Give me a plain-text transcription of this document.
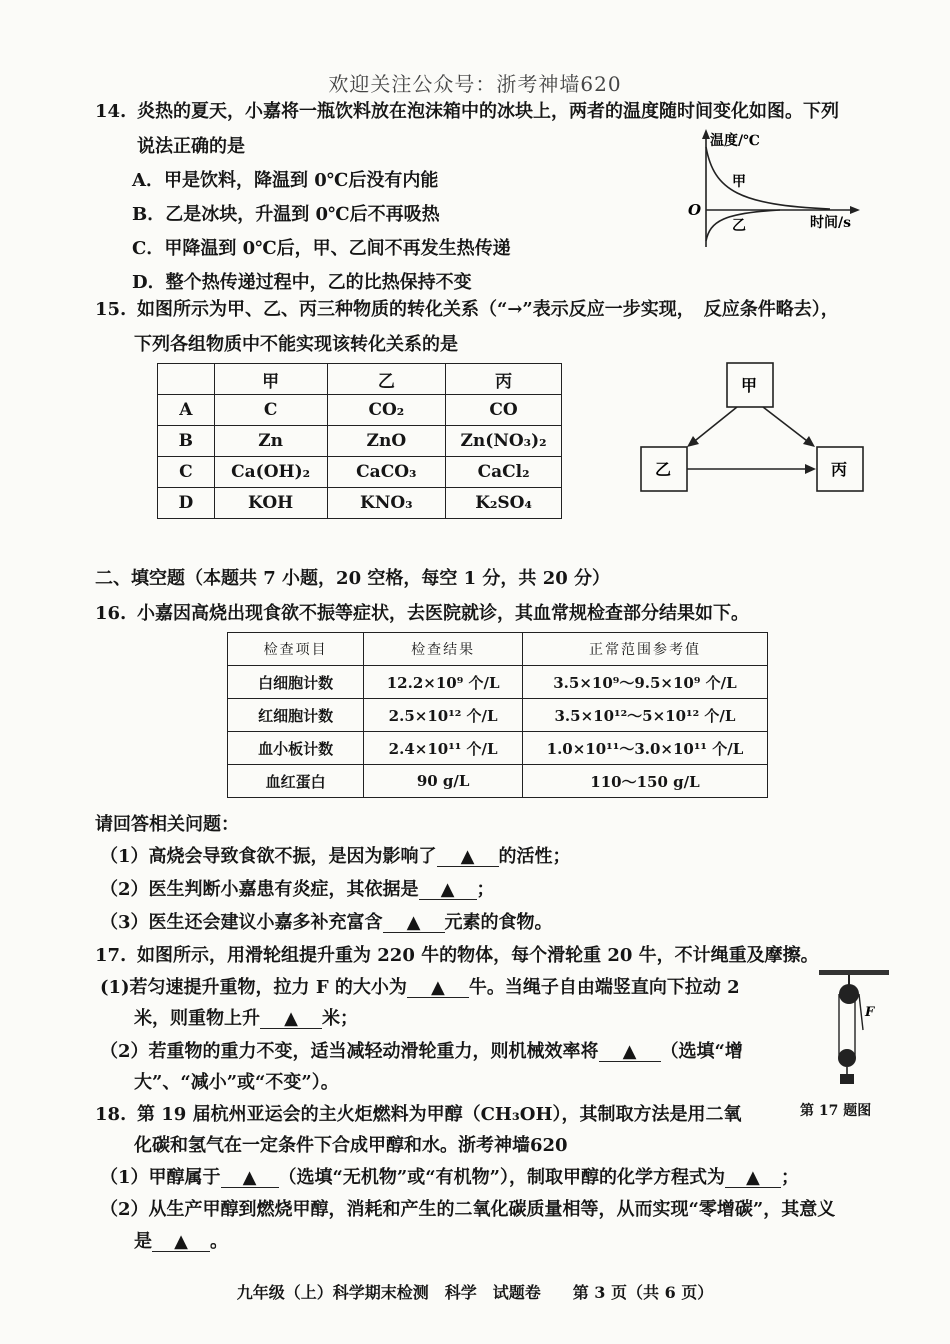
欢迎关注公众号：浙考神墙620
14. 炎热的夏天，小嘉将一瓶饮料放在泡沫箱中的冰块上，两者的温度随时间变化如图。下列
说法正确的是
A．甲是饮料，降温到 0℃后没有内能
B．乙是冰块，升温到 0℃后不再吸热
C．甲降温到 0℃后，甲、乙间不再发生热传递
D．整个热传递过程中，乙的比热保持不变
温度/℃
O
甲
乙	时间/s
15. 如图所示为甲、乙、丙三种物质的转化关系（“→”表示反应一步实现，　反应条件略去），
下列各组物质中不能实现该转化关系的是
	甲	乙	丙
A	C	CO₂	CO
B	Zn	ZnO	Zn(NO₃)₂
C	Ca(OH)₂	CaCO₃	CaCl₂
D	KOH	KNO₃	K₂SO₄
甲
乙	丙
二、填空题（本题共 7 小题，20 空格，每空 1 分，共 20 分）
16. 小嘉因高烧出现食欲不振等症状，去医院就诊，其血常规检查部分结果如下。
检查项目	检查结果	正常范围参考值
白细胞计数	12.2×10⁹ 个/L	3.5×10⁹～9.5×10⁹ 个/L
红细胞计数	2.5×10¹² 个/L	3.5×10¹²～5×10¹² 个/L
血小板计数	2.4×10¹¹ 个/L	1.0×10¹¹～3.0×10¹¹ 个/L
血红蛋白	90 g/L	110～150 g/L
请回答相关问题：
（1）高烧会导致食欲不振，是因为影响了 ▲ 的活性；
（2）医生判断小嘉患有炎症，其依据是 ▲ ；
（3）医生还会建议小嘉多补充富含 ▲ 元素的食物。
17. 如图所示，用滑轮组提升重为 220 牛的物体，每个滑轮重 20 牛，不计绳重及摩擦。
(1)若匀速提升重物，拉力 F 的大小为 ▲ 牛。当绳子自由端竖直向下拉动 2
米，则重物上升 ▲ 米；
（2）若重物的重力不变，适当减轻动滑轮重力，则机械效率将 ▲ （选填“增
大”、“减小”或“不变”）。
F
第 17 题图
18. 第 19 届杭州亚运会的主火炬燃料为甲醇（CH₃OH），其制取方法是用二氧
化碳和氢气在一定条件下合成甲醇和水。浙考神墙620
（1）甲醇属于 ▲ （选填“无机物”或“有机物”），制取甲醇的化学方程式为 ▲ ；
（2）从生产甲醇到燃烧甲醇，消耗和产生的二氧化碳质量相等，从而实现“零增碳”，其意义
是 ▲ 。
九年级（上）科学期末检测　科学　试题卷　　第 3 页（共 6 页）
